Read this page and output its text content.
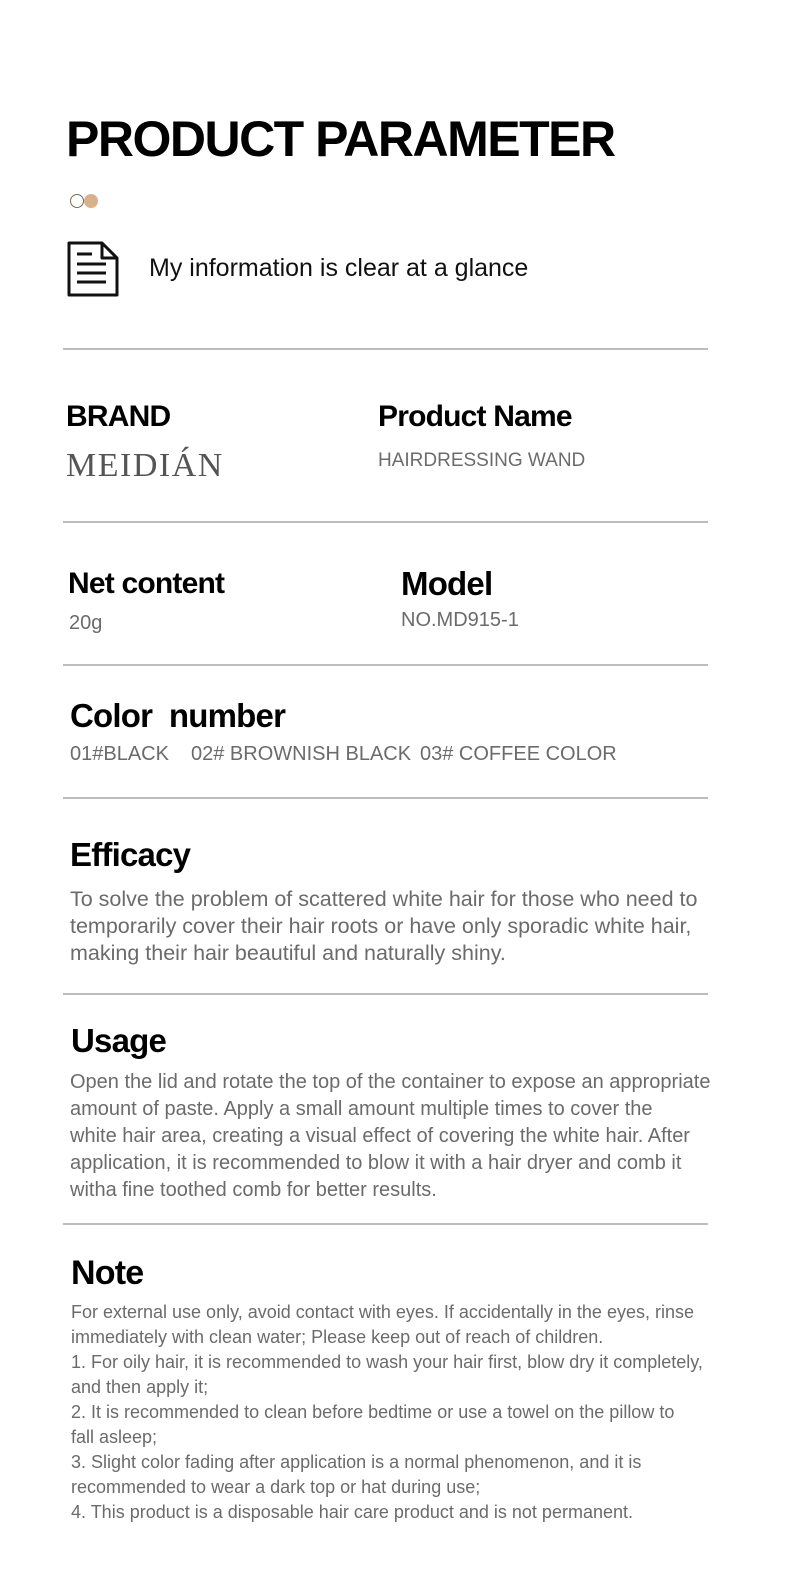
PRODUCT PARAMETER
My information is clear at a glance
BRAND
MEIDIÁN
Product Name
HAIRDRESSING WAND
Net content
20g
Model
NO.MD915-1
Color  number
01#BLACK 02# BROWNISH BLACK 03# COFFEE COLOR
Efficacy
To solve the problem of scattered white hair for those who need to
temporarily cover their hair roots or have only sporadic white hair,
making their hair beautiful and naturally shiny.
Usage
Open the lid and rotate the top of the container to expose an appropriate
amount of paste. Apply a small amount multiple times to cover the
white hair area, creating a visual effect of covering the white hair. After
application, it is recommended to blow it with a hair dryer and comb it
witha fine toothed comb for better results.
Note
For external use only, avoid contact with eyes. If accidentally in the eyes, rinse
immediately with clean water; Please keep out of reach of children.
1. For oily hair, it is recommended to wash your hair first, blow dry it completely,
and then apply it;
2. It is recommended to clean before bedtime or use a towel on the pillow to
fall asleep;
3. Slight color fading after application is a normal phenomenon, and it is
recommended to wear a dark top or hat during use;
4. This product is a disposable hair care product and is not permanent.
